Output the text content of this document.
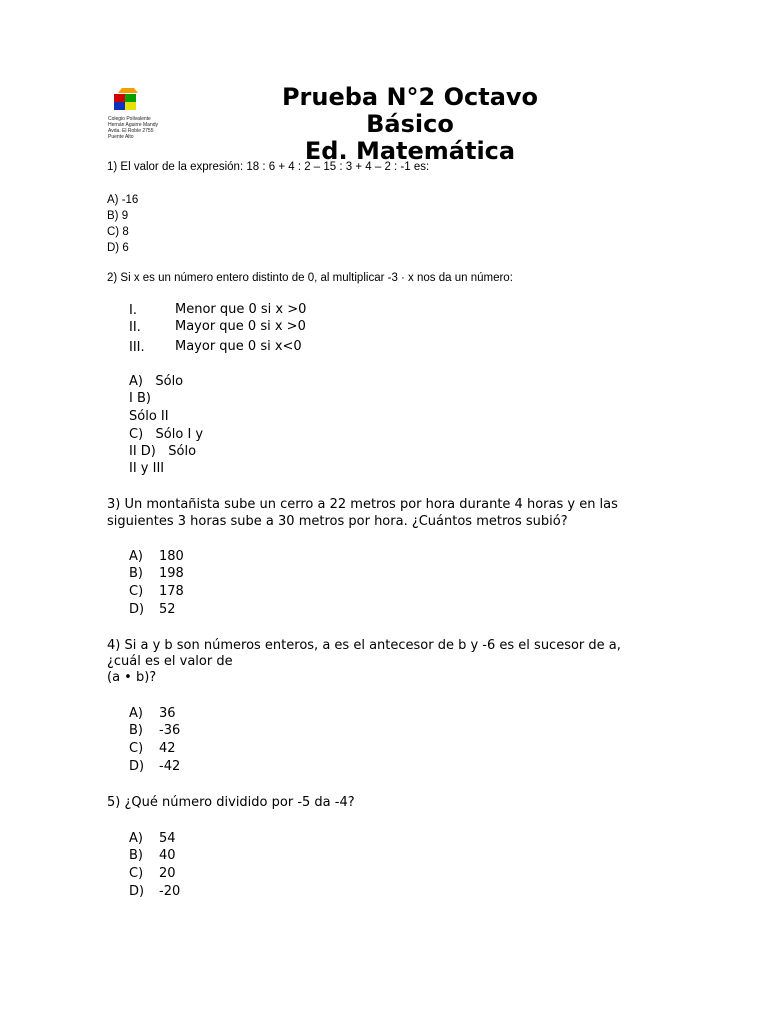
Colegio Polivalente
Hernán Aguirre Mandy
Avda. El Roble 2755
Puente Alto
Prueba N°2 Octavo
Básico
Ed. Matemática
1) El valor de la expresión: 18 : 6 + 4 : 2 – 15 : 3 + 4 – 2 : -1 es:
A) -16
B) 9
C) 8
D) 6
2) Si x es un número entero distinto de 0, al multiplicar -3 · x nos da un número:
I.	Menor que 0 si x >0
II.	Mayor que 0 si x >0
III. Mayor que 0 si x<0
A)   Sólo
I B)
Sólo II
C)   Sólo I y
II D)   Sólo
II y III
3) Un montañista sube un cerro a 22 metros por hora durante 4 horas y en las
siguientes 3 horas sube a 30 metros por hora. ¿Cuántos metros subió?
A) 180
B) 198
C) 178
D) 52
4) Si a y b son números enteros, a es el antecesor de b y -6 es el sucesor de a,
¿cuál es el valor de
(a • b)?
A) 36
B) -36
C) 42
D) -42
5) ¿Qué número dividido por -5 da -4?
A) 54
B) 40
C) 20
D) -20
